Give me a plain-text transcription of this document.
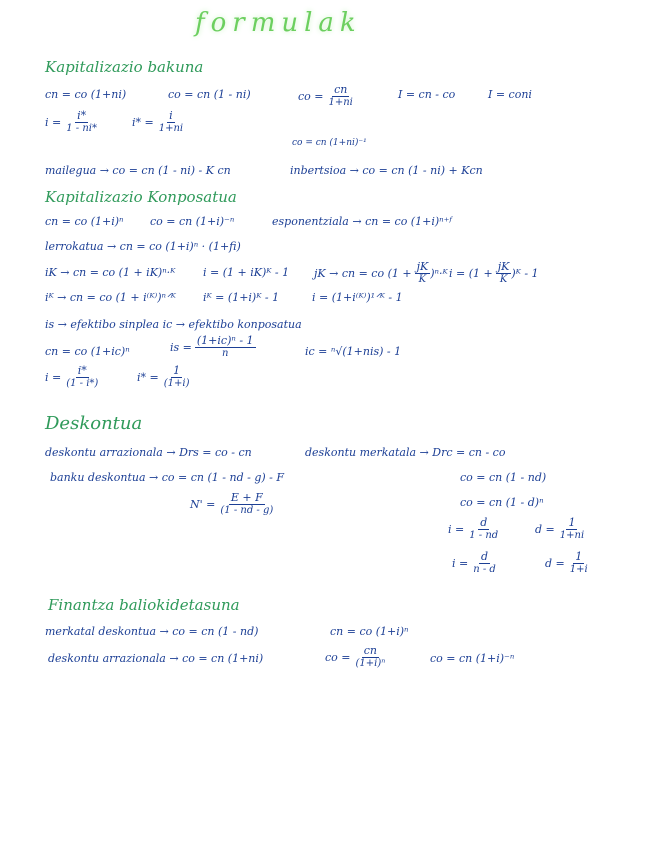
formulak
Kapitalizazio bakuna
cn = co (1+ni)	co = cn (1 - ni)	co = $\frac{cn}{1+ni}$	I = cn - co	I = coni
$i = \frac{i*}{1 - ni*}$	$i* = \frac{i}{1+ni}$
co = cn (1+ni)⁻¹
mailegua → co = cn (1 - ni) - K cn	inbertsioa → co = cn (1 - ni) + Kcn
Kapitalizazio Konposatua
cn = co (1+i)ⁿ co = cn (1+i)⁻ⁿ	esponentziala → cn = co (1+i)ⁿ⁺ᶠ
lerrokatua → cn = co (1+i)ⁿ · (1+fi)
iK → cn = co (1 + iK)ⁿ·ᴷ	i = (1 + iK)ᴷ - 1 jK → cn = co ($1 + \frac{jK}{K}$ )ⁿ·ᴷ $i = (1 + \frac{jK}{K}$ )ᴷ - 1
iᴷ → cn = co (1 + i⁽ᴷ⁾)ⁿᐟᴷ iᴷ = (1+i)ᴷ - 1	i = (1+i⁽ᴷ⁾)¹ᐟᴷ - 1
is → efektibo sinplea ic → efektibo konposatua
cn = co (1+ic)ⁿ	is = $\frac{\text{(1+ic)ⁿ - 1}}{n}$	ic = ⁿ√(1+nis) - 1
$i = \frac{i*}{(1 - i*)}$	$i* = \frac{1}{(1+i)}$
Deskontua
deskontu arrazionala → Drs = co - cn	deskontu merkatala → Drc = cn - co
banku deskontua → co = cn (1 - nd - g) - F	co = cn (1 - nd)
$N' = \frac{E + F}{(1 - nd - g)}$	co = cn (1 - d)ⁿ
$i = \frac{d}{1 - nd}$	$d = \frac{1}{1+ni}$
$i = \frac{d}{n - d}$	$d = \frac{1}{1+i}$
Finantza baliokidetasuna
merkatal deskontua → co = cn (1 - nd)	cn = co (1+i)ⁿ
deskontu arrazionala → co = cn (1+ni)	co = $\frac{cn}{\text{(1+i)ⁿ}}$	co = cn (1+i)⁻ⁿ
